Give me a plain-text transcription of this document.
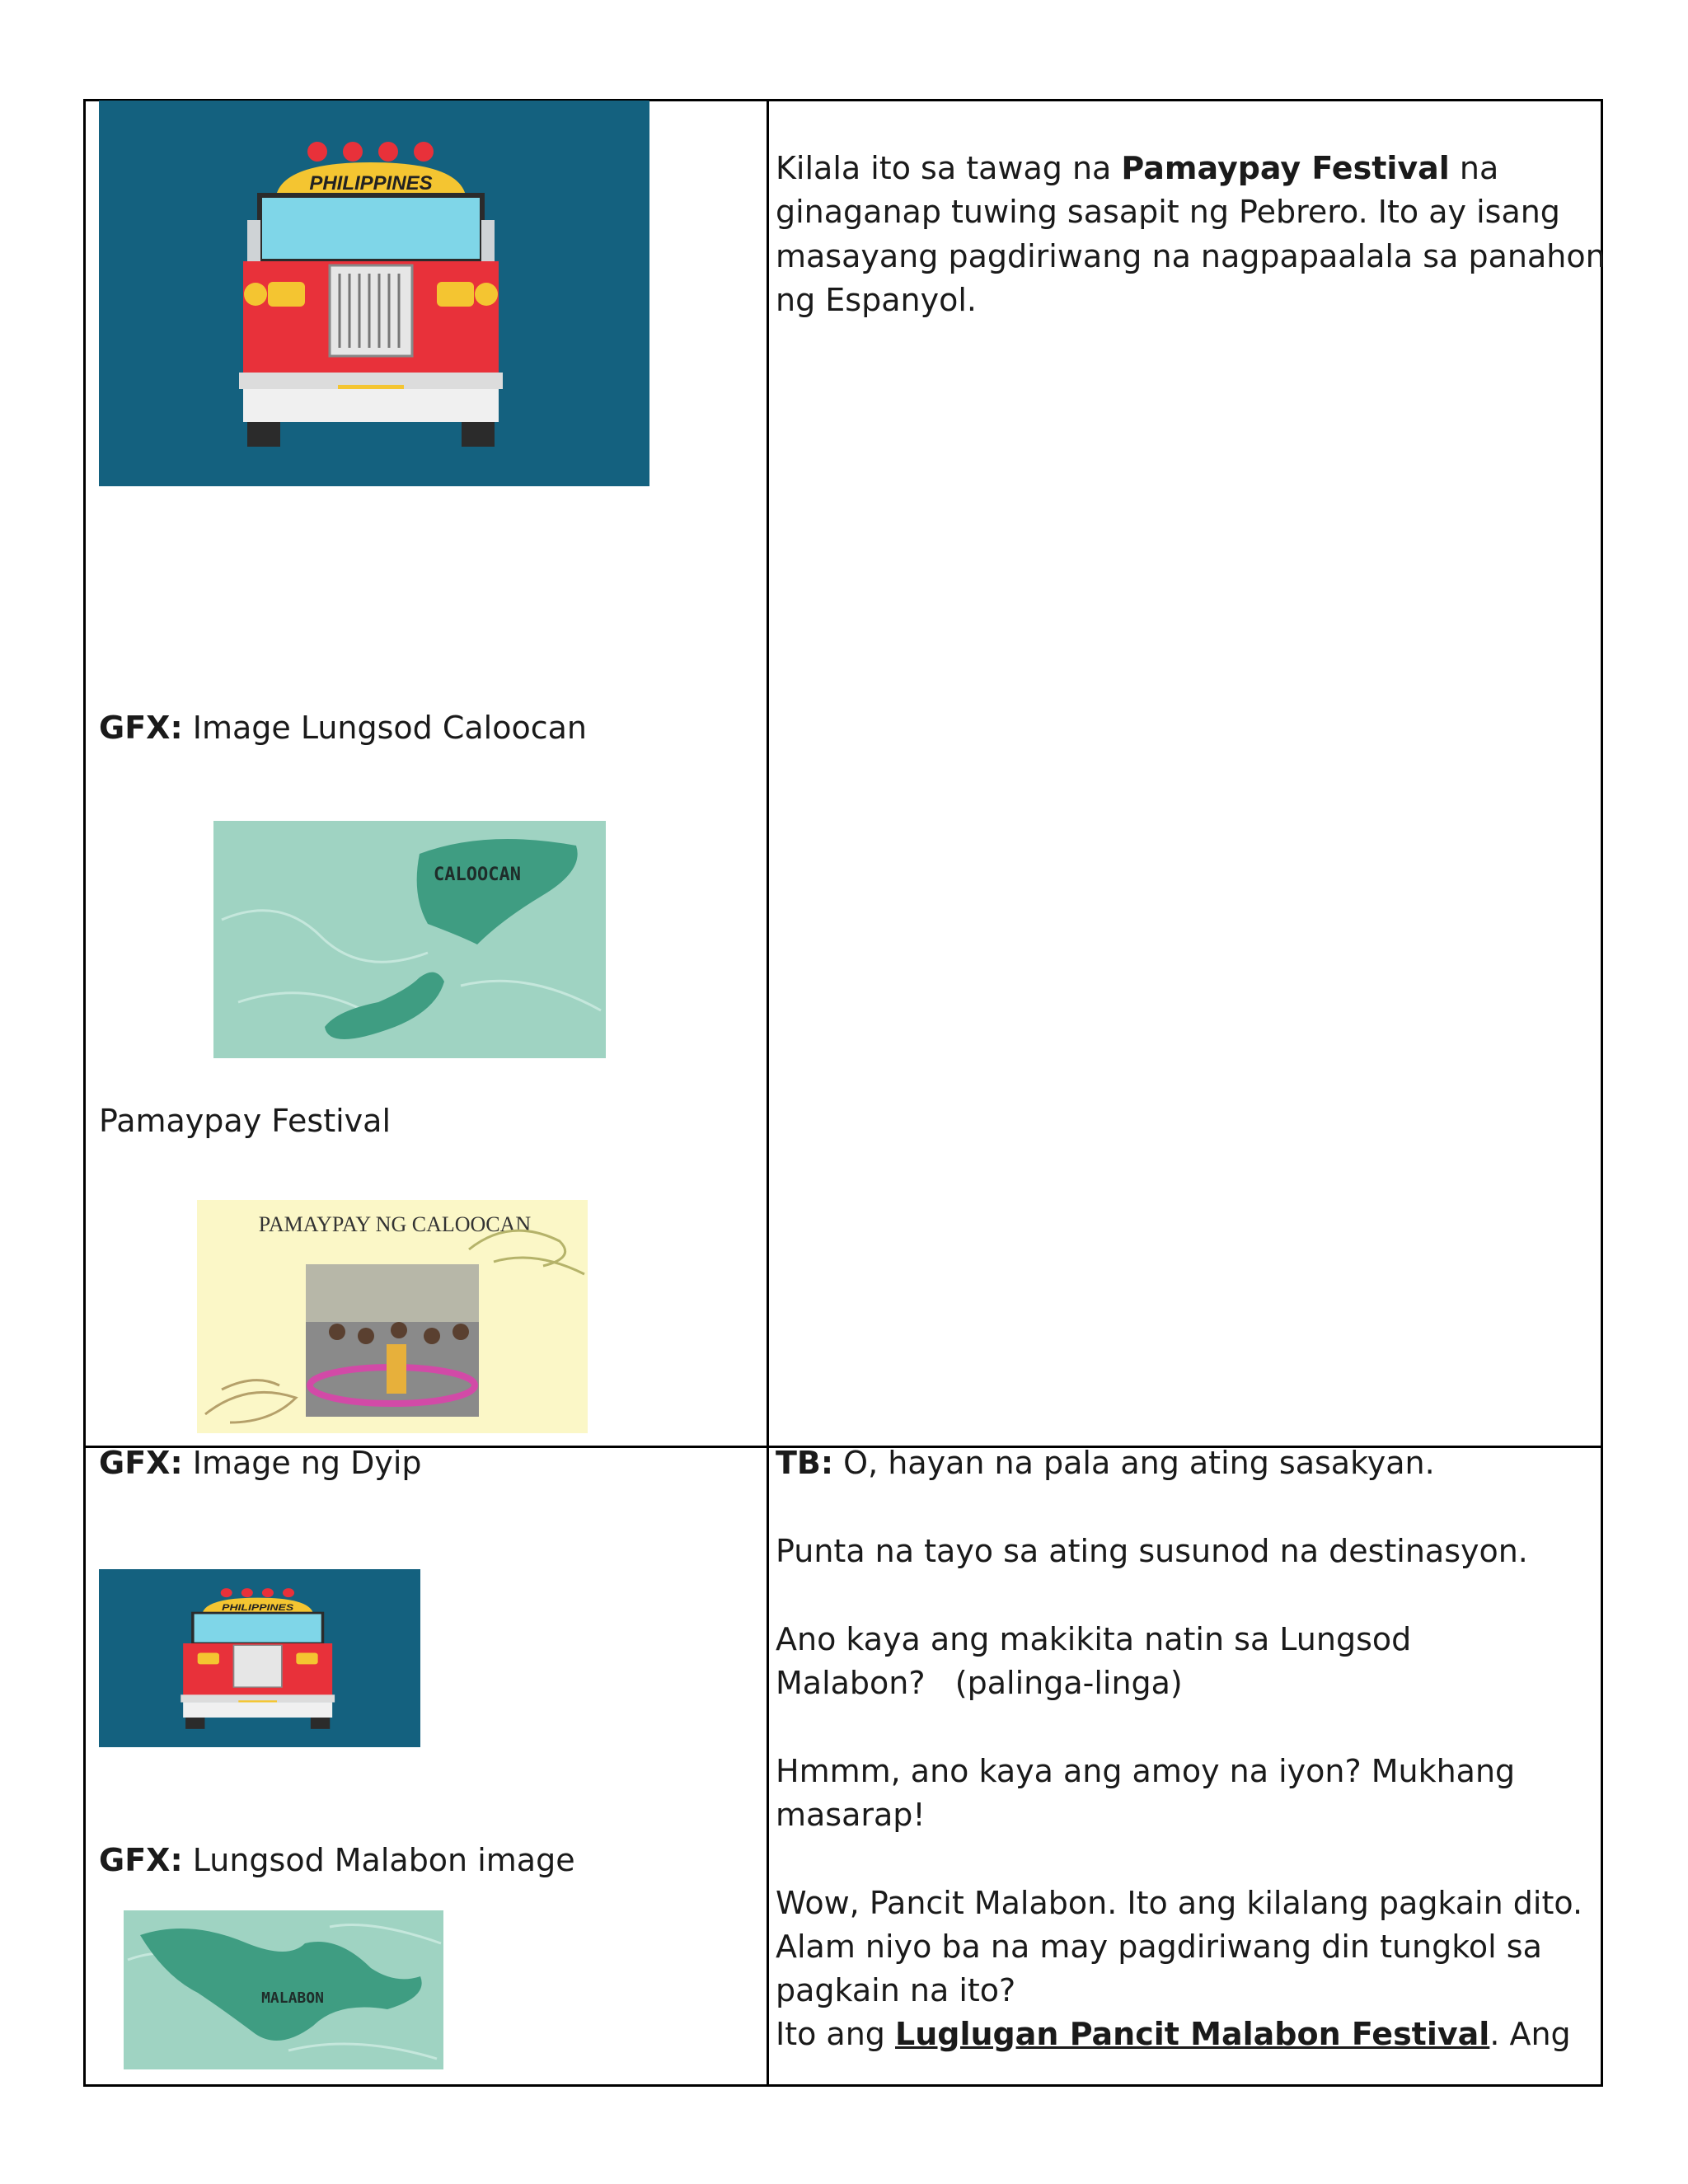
PHILIPPINES
GFX: Image Lungsod Caloocan
CALOOCAN
Pamaypay Festival
PAMAYPAY NG CALOOCAN
Kilala ito sa tawag na Pamaypay Festival na
ginaganap tuwing sasapit ng Pebrero. Ito ay isang
masayang pagdiriwang na nagpapaalala sa panahon
ng Espanyol.
GFX: Image ng Dyip
PHILIPPINES
GFX: Lungsod Malabon image
MALABON
TB: O, hayan na pala ang ating sasakyan.
Punta na tayo sa ating susunod na destinasyon.
Ano kaya ang makikita natin sa Lungsod
Malabon?   (palinga-linga)
Hmmm, ano kaya ang amoy na iyon? Mukhang
masarap!
Wow, Pancit Malabon. Ito ang kilalang pagkain dito.
Alam niyo ba na may pagdiriwang din tungkol sa
pagkain na ito?
Ito ang Luglugan Pancit Malabon Festival. Ang
